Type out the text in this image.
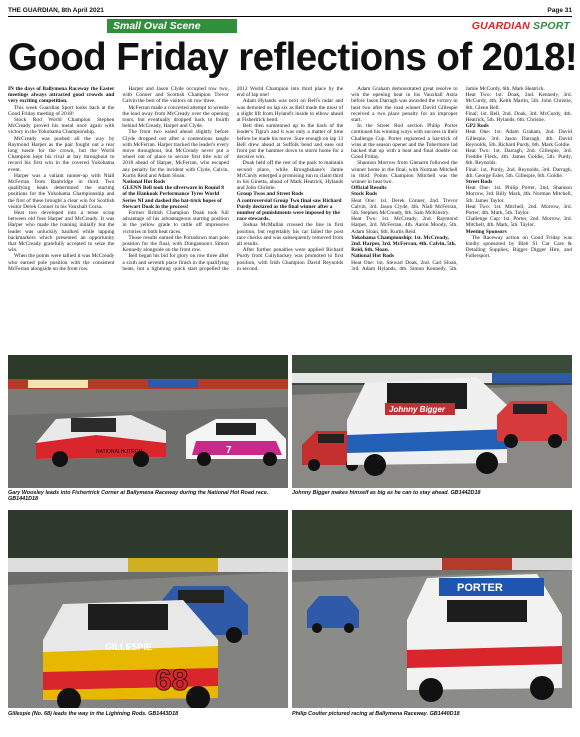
THE GUARDIAN, 8th April 2021	Page 31
Small Oval Scene	GUARDIAN SPORT
Good Friday reflections of 2018!

IN the days of Ballymena Raceway the Easter meetings always attracted good crowds and very exciting competition.

This week Guardian Sport looks back at the Good Friday meeting of 2018!

Stock Rod World Champion Stephen McCready proved his metal once again with victory in the Yokohama Championship.

McCready was pushed all the way by Raymond Harper as the pair fought out a rear long tussle for the crown, but the World Champion kept his rival at bay throughout to record his first win in the covered Yokohama event.

Harper was a valiant runner-up with Niall McFerran from Banbridge in third. Two qualifying heats determined the starting positions for the Yokohama Championship and the first of these brought a clear win for Scottish visitor Derek Conner in his Vauxhall Corsa.

Heat two developed into a tense scrap between old foes Harper and McCready. It was Harper who made the running initially but the leader was unluckily baulked while lapping backmarkers which presented an opportunity that McCready gratefully accepted to seize the win.

When the points were tallied it was McCready who earned pole position with the consistent McFerran alongside on the front row.

Harper and Jason Clyde occupied row two, with Conner and Scottish Champion Trevor Calvin the best of the visitors on row three.

McFerran made a concerted attempt to wrestle the lead away from McCready over the opening tours, but eventually dropped back to fourth behind McCready, Harper and Clyde.

The front two eased ahead slightly before Clyde dropped out after a contentious tangle with McFerran. Harper tracked the leader's every move throughout, but McCready never put a wheel out of place to secure first title win of 2018 ahead of Harper, McFerran, who escaped any penalty for the incident with Clyde, Calvin, Kurtis Reid and Adam Sloan.

National Hot Rods

GLENN Bell took the silverware in Round 8 of the Hankook Performance Tyres World Series NI and dashed the hat-trick hopes of Stewart Doak in the process!

Former British Champion Doak took full advantage of his advantageous starting position in the yellow grade to rattle off impressive victories in both heat races.

Those results earned the Portadown man pole position for the final, with Dungannon's Simon Kennedy alongside on the front row.

Bell began his bid for glory on row three after a sixth and seventh place finish in the qualifying heats, but a lightning quick start propelled the 2012 World Champion into third place by the end of lap one!

Adam Hylands was next on Bell's radar and was demoted on lap six as Bell made the most of a slight lift from Hyland's inside to elbow ahead at Fishertrick bend.

Bell then summoned up to the back of the leader's Tigra's and it was only a matter of time before he made his move. Sure enough on lap 13 Bell drew ahead at Suffolk bend and ease out front put the hammer down to storm home for a decisive win.

Doak held off the rest of the pack to maintain second place, while Broughshane's Jamie McCurdy emerged a promising run to claim third in his Ginetta, ahead of Mark Heatrick, Hylands and John Christie.

Group Twos and Street Rods

A controversial Group Two final saw Richard Purdy declared as the final winner after a number of punishments were imposed by the race stewards.

Joshua McMullan crossed the line in first position, but regrettably his car failed the post race checks and was subsequently removed from all results.

After further penalties were applied Richard Purdy from Cullybackey was promoted to first position, with Irish Champion David Reynolds in second.

Adam Graham demonstrated great resolve to win the opening heat in his Vauxhall Astra before Jason Darragh was awarded the victory in heat two after the road winner David Gillespie received a two place penalty for an improper start.

In the Street Rod section Philip Porter continued his winning ways with success in their Challenge Cup. Porter registered a hat-trick of wins at the season opener and the Tobermore lad backed that up with a heat and final double on Good Friday.

Shannon Morrow from Glenarm followed the winner home in the final, with Norman Mitchell in third. Points Champion Mitchell was the winner in heat two.

Official Results

Stock Rods

Heat One: 1st. Derek Conner, 2nd. Trevor Calvin, 3rd. Jason Clyde, 4th. Niall McFerran, 5th. Stephen McCready, 6th. Sam McKinstry.

Heat Two: 1st. McCready, 2nd. Raymond Harper, 3rd. McFerran, 4th. Aaron Moody, 5th. Adam Sloan, 6th. Kurtis Reid.

Yokohama Championship: 1st. McCready, 2nd. Harper, 3rd. McFerran, 4th. Calvin, 5th. Reid, 6th. Sloan.

National Hot Rods

Heat One: 1st. Stewart Doak, 2nd. Carl Sloan, 3rd. Adam Hylands, 4th. Simon Kennedy, 5th. Jamie McCurdy, 6th. Mark Heatrick.

Heat Two: 1st. Doak, 2nd. Kennedy, 3rd. McCurdy, 4th. Keith Martin, 5th. John Christie, 6th. Glenn Bell.

Final: 1st. Bell, 2nd. Doak, 3rd. McCurdy, 4th. Heatrick, 5th. Hylands, 6th. Christie.

GP2 Rods

Heat One: 1st. Adam Graham, 2nd. David Gillespie, 3rd. Jason Darragh, 4th. David Reynolds, 5th. Richard Purdy, 6th. Mark Goldie.

Heat Two: 1st. Darragh, 2nd. Gillespie, 3rd. Freddie Fleck, 4th. James Goldie, 5th. Purdy, 6th. Reynolds.

Final: 1st. Purdy, 2nd. Reynolds, 3rd. Darragh, 4th. George Esler, 5th. Gillespie, 6th. Goldie.

Street Rods

Heat One: 1st. Philip Porter, 2nd. Shannon Morrow, 3rd. Billy Mark, 4th. Norman Mitchell, 5th. James Taylor.

Heat Two: 1st. Mitchell, 2nd. Morrow, 3rd. Porter, 4th. Mark, 5th. Taylor.

Challenge Cup: 1st. Porter, 2nd. Morrow, 3rd. Mitchell, 4th. Mark, 5th. Taylor.

Meeting Sponsors

The Raceway action on Good Friday was kindly sponsored by Bleh S1 Car Care & Detailing Supplies, Bigger Digger Hire, and Fullersport.

NATIONALHOTROD	7
Gary Woosley leads into Fishertrick Corner at Ballymena Raceway during the National Hot Road race. GB1441D18
Johnny Bigger
Johnny Bigger makes himself as big as he can to stay ahead. GB1442D18
GILLESPIE
68
Gillespie (No. 68) leads the way in the Lightning Rods. GB1443D18
PORTER
Philip Coulter pictured racing at Ballymena Raceway. GB1440D18
